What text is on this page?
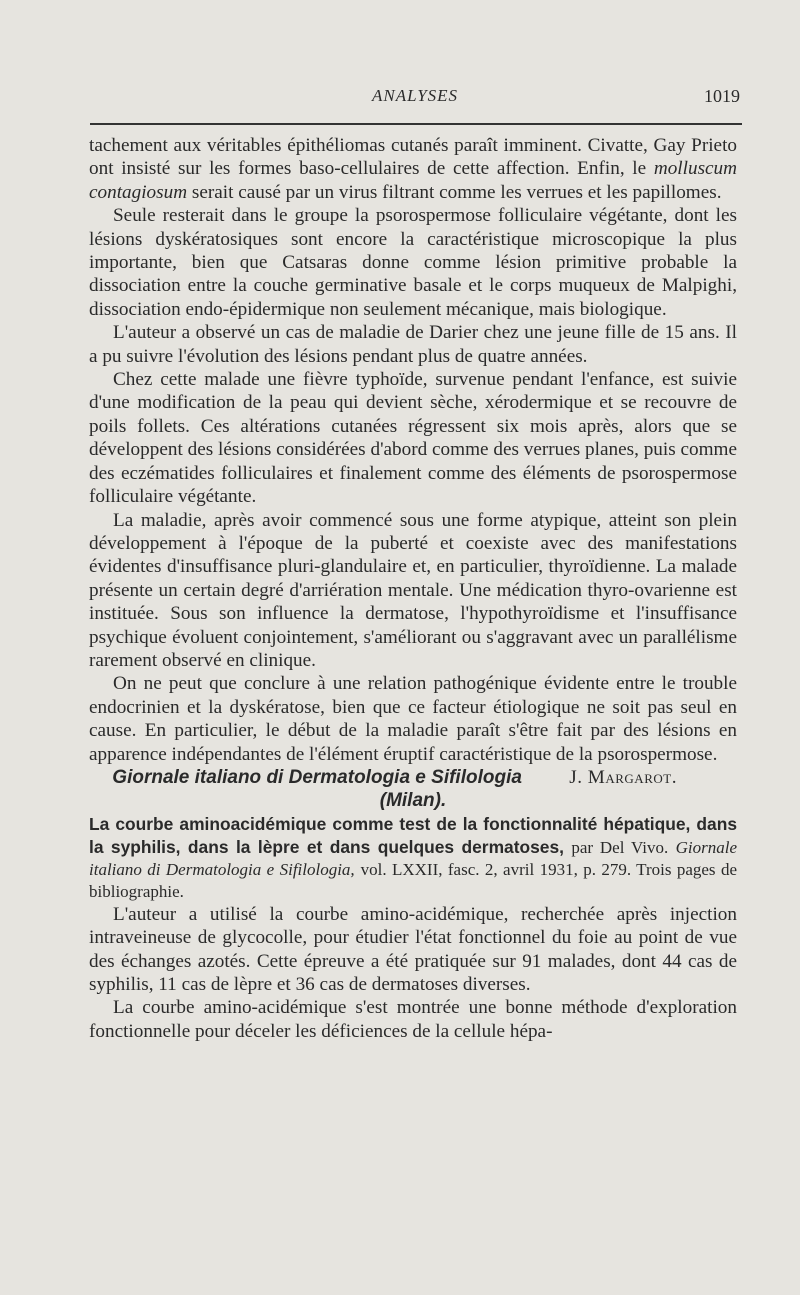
ANALYSES	1019

tachement aux véritables épithéliomas cutanés paraît imminent. Civatte, Gay Prieto ont insisté sur les formes baso-cellulaires de cette affection. Enfin, le molluscum contagiosum serait causé par un virus filtrant comme les verrues et les papillomes.

Seule resterait dans le groupe la psorospermose folliculaire végétante, dont les lésions dyskératosiques sont encore la caractéristique microscopique la plus importante, bien que Catsaras donne comme lésion primitive probable la dissociation entre la couche germinative basale et le corps muqueux de Malpighi, dissociation endo-épidermique non seulement mécanique, mais biologique.

L'auteur a observé un cas de maladie de Darier chez une jeune fille de 15 ans. Il a pu suivre l'évolution des lésions pendant plus de quatre années.

Chez cette malade une fièvre typhoïde, survenue pendant l'enfance, est suivie d'une modification de la peau qui devient sèche, xérodermique et se recouvre de poils follets. Ces altérations cutanées régressent six mois après, alors que se développent des lésions considérées d'abord comme des verrues planes, puis comme des eczématides folliculaires et finalement comme des éléments de psorospermose folliculaire végétante.

La maladie, après avoir commencé sous une forme atypique, atteint son plein développement à l'époque de la puberté et coexiste avec des manifestations évidentes d'insuffisance pluri-glandulaire et, en particulier, thyroïdienne. La malade présente un certain degré d'arriération mentale. Une médication thyro-ovarienne est instituée. Sous son influence la dermatose, l'hypothyroïdisme et l'insuffisance psychique évoluent conjointement, s'améliorant ou s'aggravant avec un parallélisme rarement observé en clinique.

On ne peut que conclure à une relation pathogénique évidente entre le trouble endocrinien et la dyskératose, bien que ce facteur étiologique ne soit pas seul en cause. En particulier, le début de la maladie paraît s'être fait par des lésions en apparence indépendantes de l'élément éruptif caractéristique de la psorospermose.
J. Margarot.

Giornale italiano di Dermatologia e Sifilologia (Milan).

La courbe aminoacidémique comme test de la fonctionnalité hépatique, dans la syphilis, dans la lèpre et dans quelques dermatoses, par Del Vivo. Giornale italiano di Dermatologia e Sifilologia, vol. LXXII, fasc. 2, avril 1931, p. 279. Trois pages de bibliographie.

L'auteur a utilisé la courbe amino-acidémique, recherchée après injection intraveineuse de glycocolle, pour étudier l'état fonctionnel du foie au point de vue des échanges azotés. Cette épreuve a été pratiquée sur 91 malades, dont 44 cas de syphilis, 11 cas de lèpre et 36 cas de dermatoses diverses.

La courbe amino-acidémique s'est montrée une bonne méthode d'exploration fonctionnelle pour déceler les déficiences de la cellule hépa-
